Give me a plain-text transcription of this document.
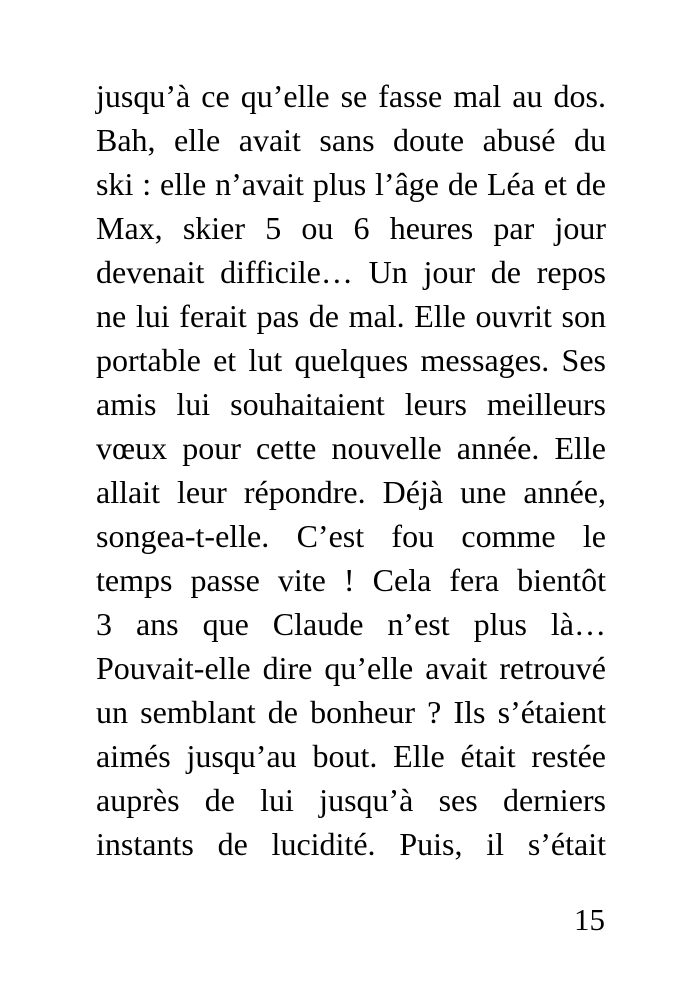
jusqu’à ce qu’elle se fasse mal au dos.
Bah, elle avait sans doute abusé du
ski : elle n’avait plus l’âge de Léa et de
Max, skier 5 ou 6 heures par jour
devenait difficile… Un jour de repos
ne lui ferait pas de mal. Elle ouvrit son
portable et lut quelques messages. Ses
amis lui souhaitaient leurs meilleurs
vœux pour cette nouvelle année. Elle
allait leur répondre. Déjà une année,
songea-t-elle. C’est fou comme le
temps passe vite ! Cela fera bientôt
3 ans que Claude n’est plus là…
Pouvait-elle dire qu’elle avait retrouvé
un semblant de bonheur ? Ils s’étaient
aimés jusqu’au bout. Elle était restée
auprès de lui jusqu’à ses derniers
instants de lucidité. Puis, il s’était
15
